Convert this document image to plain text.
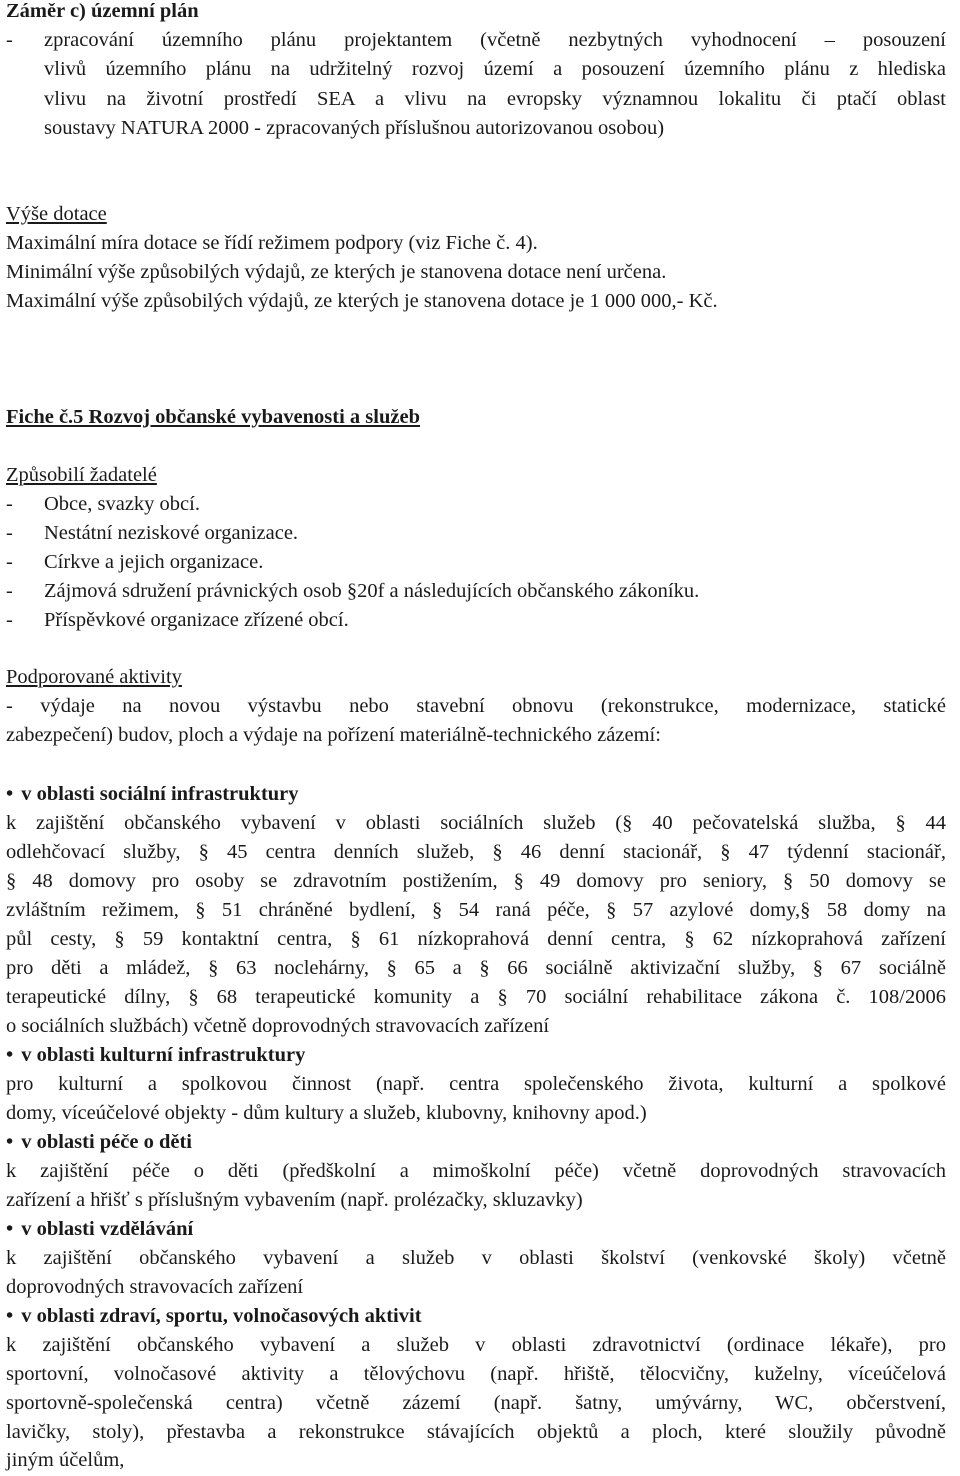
Záměr c) územní plán
-	zpracování územního plánu projektantem (včetně nezbytných vyhodnocení – posouzení
vlivů územního plánu na udržitelný rozvoj území a posouzení územního plánu z hlediska
vlivu na životní prostředí SEA a vlivu na evropsky významnou lokalitu či ptačí oblast
soustavy NATURA 2000 - zpracovaných příslušnou autorizovanou osobou)
Výše dotace
Maximální míra dotace se řídí režimem podpory (viz Fiche č. 4).
Minimální výše způsobilých výdajů, ze kterých je stanovena dotace není určena.
Maximální výše způsobilých výdajů, ze kterých je stanovena dotace je 1 000 000,- Kč.
Fiche č.5 Rozvoj občanské vybavenosti a služeb
Způsobilí žadatelé
-	Obce, svazky obcí.
-	Nestátní neziskové organizace.
-	Církve a jejich organizace.
-	Zájmová sdružení právnických osob §20f a následujících občanského zákoníku.
-	Příspěvkové organizace zřízené obcí.
Podporované aktivity
- výdaje na novou výstavbu nebo stavební obnovu (rekonstrukce, modernizace, statické
zabezpečení) budov, ploch a výdaje na pořízení materiálně-technického zázemí:
• v oblasti sociální infrastruktury
k zajištění občanského vybavení v oblasti sociálních služeb (§ 40 pečovatelská služba, § 44
odlehčovací služby, § 45 centra denních služeb, § 46 denní stacionář, § 47 týdenní stacionář,
§ 48 domovy pro osoby se zdravotním postižením, § 49 domovy pro seniory, § 50 domovy se
zvláštním režimem, § 51 chráněné bydlení, § 54 raná péče, § 57 azylové domy,§ 58 domy na
půl cesty, § 59 kontaktní centra, § 61 nízkoprahová denní centra, § 62 nízkoprahová zařízení
pro děti a mládež, § 63 noclehárny, § 65 a § 66 sociálně aktivizační služby, § 67 sociálně
terapeutické dílny, § 68 terapeutické komunity a § 70 sociální rehabilitace zákona č. 108/2006
o sociálních službách) včetně doprovodných stravovacích zařízení
• v oblasti kulturní infrastruktury
pro kulturní a spolkovou činnost (např. centra společenského života, kulturní a spolkové
domy, víceúčelové objekty - dům kultury a služeb, klubovny, knihovny apod.)
• v oblasti péče o děti
k zajištění péče o děti (předškolní a mimoškolní péče) včetně doprovodných stravovacích
zařízení a hřišť s příslušným vybavením (např. prolézačky, skluzavky)
• v oblasti vzdělávání
k zajištění občanského vybavení a služeb v oblasti školství (venkovské školy) včetně
doprovodných stravovacích zařízení
• v oblasti zdraví, sportu, volnočasových aktivit
k zajištění občanského vybavení a služeb v oblasti zdravotnictví (ordinace lékaře), pro
sportovní, volnočasové aktivity a tělovýchovu (např. hřiště, tělocvičny, kuželny, víceúčelová
sportovně-společenská centra) včetně zázemí (např. šatny, umývárny, WC, občerstvení,
lavičky, stoly), přestavba a rekonstrukce stávajících objektů a ploch, které sloužily původně
jiným účelům,
